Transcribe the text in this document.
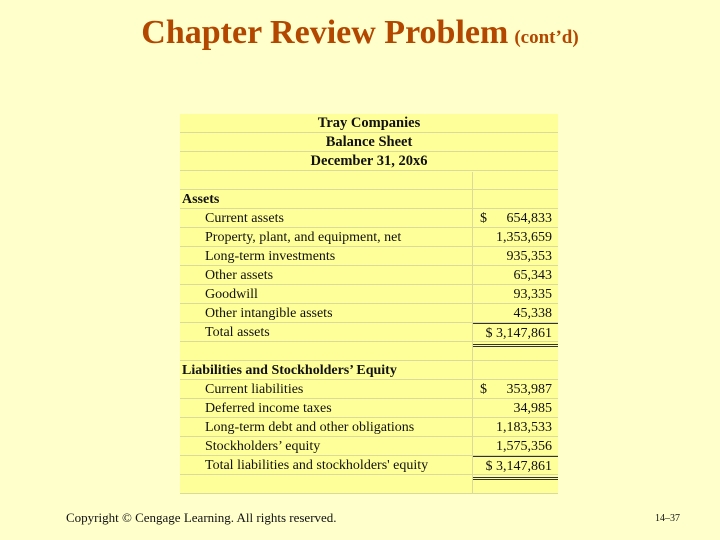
Chapter Review Problem (cont’d)
Tray Companies
Balance Sheet
December 31, 20x6
Assets
Current assets	$ 654,833
Property, plant, and equipment, net	1,353,659
Long-term investments	935,353
Other assets	65,343
Goodwill	93,335
Other intangible assets	45,338
Total assets	$ 3,147,861
Liabilities and Stockholders’ Equity
Current liabilities	$ 353,987
Deferred income taxes	34,985
Long-term debt and other obligations	1,183,533
Stockholders’ equity	1,575,356
Total liabilities and stockholders' equity	$ 3,147,861
Copyright © Cengage Learning. All rights reserved.	14–37
